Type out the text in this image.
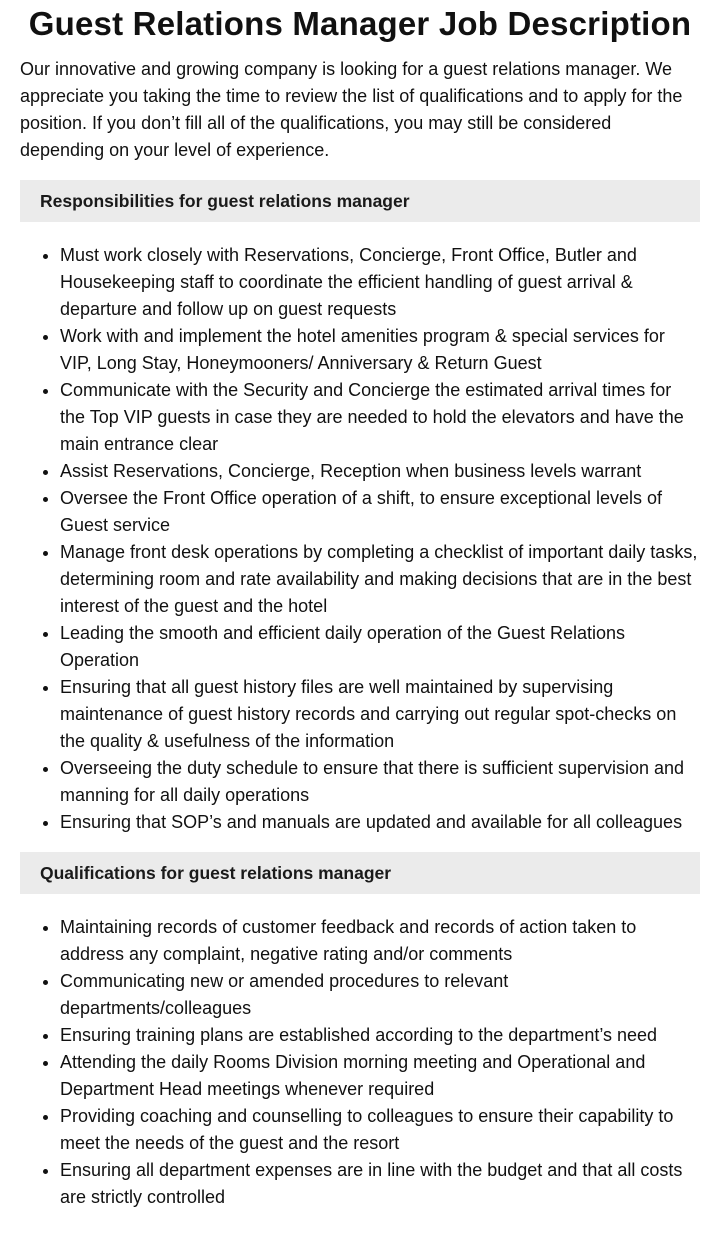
Guest Relations Manager Job Description

Our innovative and growing company is looking for a guest relations manager. We appreciate you taking the time to review the list of qualifications and to apply for the position. If you don’t fill all of the qualifications, you may still be considered depending on your level of experience.

Responsibilities for guest relations manager
• Must work closely with Reservations, Concierge, Front Office, Butler and Housekeeping staff to coordinate the efficient handling of guest arrival & departure and follow up on guest requests
• Work with and implement the hotel amenities program & special services for VIP, Long Stay, Honeymooners/ Anniversary & Return Guest
• Communicate with the Security and Concierge the estimated arrival times for the Top VIP guests in case they are needed to hold the elevators and have the main entrance clear
• Assist Reservations, Concierge, Reception when business levels warrant
• Oversee the Front Office operation of a shift, to ensure exceptional levels of Guest service
• Manage front desk operations by completing a checklist of important daily tasks, determining room and rate availability and making decisions that are in the best interest of the guest and the hotel
• Leading the smooth and efficient daily operation of the Guest Relations Operation
• Ensuring that all guest history files are well maintained by supervising maintenance of guest history records and carrying out regular spot-checks on the quality & usefulness of the information
• Overseeing the duty schedule to ensure that there is sufficient supervision and manning for all daily operations
• Ensuring that SOP’s and manuals are updated and available for all colleagues
Qualifications for guest relations manager
• Maintaining records of customer feedback and records of action taken to address any complaint, negative rating and/or comments
• Communicating new or amended procedures to relevant departments/colleagues
• Ensuring training plans are established according to the department’s need
• Attending the daily Rooms Division morning meeting and Operational and Department Head meetings whenever required
• Providing coaching and counselling to colleagues to ensure their capability to meet the needs of the guest and the resort
• Ensuring all department expenses are in line with the budget and that all costs are strictly controlled
